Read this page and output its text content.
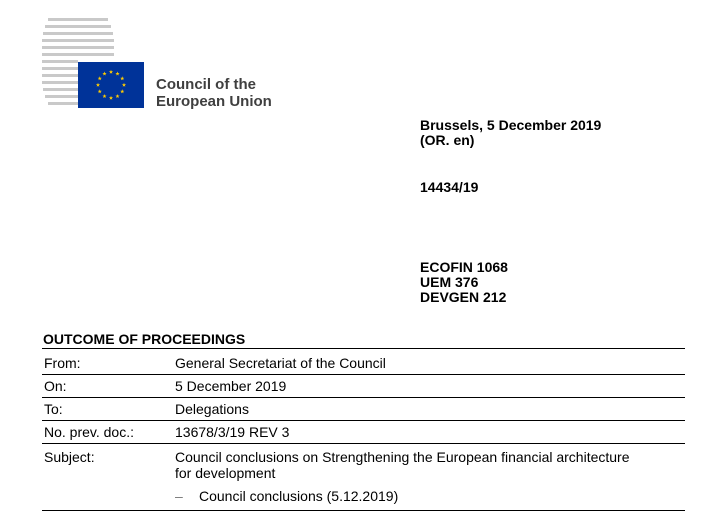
Council of the
European Union
Brussels, 5 December 2019
(OR. en)
14434/19
ECOFIN 1068
UEM 376
DEVGEN 212
OUTCOME OF PROCEEDINGS
From:	General Secretariat of the Council
On:	5 December 2019
To:	Delegations
No. prev. doc.:	13678/3/19 REV 3
Subject:	Council conclusions on Strengthening the European financial architecture
for development
– Council conclusions (5.12.2019)
